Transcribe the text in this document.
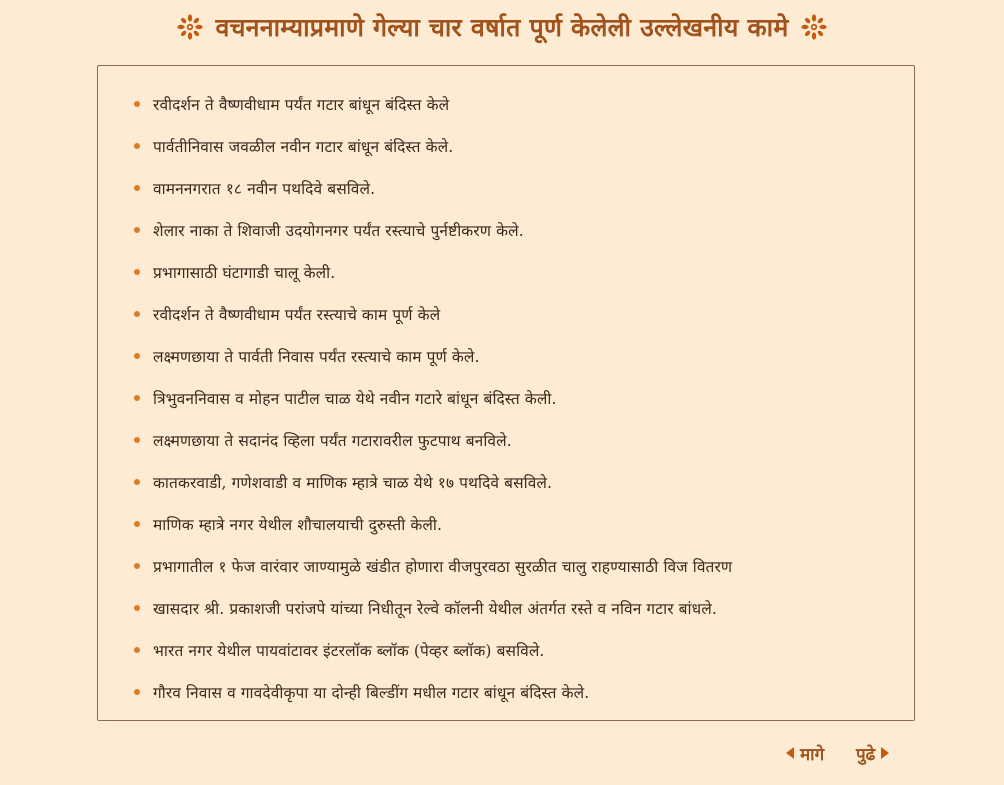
वचननाम्याप्रमाणे गेल्या चार वर्षात पूर्ण केलेली उल्लेखनीय कामे
रवीदर्शन ते वैष्णवीधाम पर्यंत गटार बांधून बंदिस्त केले
पार्वतीनिवास जवळील नवीन गटार बांधून बंदिस्त केले.
वामननगरात १८ नवीन पथदिवे बसविले.
शेलार नाका ते शिवाजी उदयोगनगर पर्यंत रस्त्याचे पुर्नष्टीकरण केले.
प्रभागासाठी घंटागाडी चालू केली.
रवीदर्शन ते वैष्णवीधाम पर्यंत रस्त्याचे काम पूर्ण केले
लक्ष्मणछाया ते पार्वती निवास पर्यंत रस्त्याचे काम पूर्ण केले.
त्रिभुवननिवास व मोहन पाटील चाळ येथे नवीन गटारे बांधून बंदिस्त केली.
लक्ष्मणछाया ते सदानंद व्हिला पर्यंत गटारावरील फुटपाथ बनविले.
कातकरवाडी, गणेशवाडी व माणिक म्हात्रे चाळ येथे १७ पथदिवे बसविले.
माणिक म्हात्रे नगर येथील शौचालयाची दुरुस्ती केली.
प्रभागातील १ फेज वारंवार जाण्यामुळे खंडीत होणारा वीजपुरवठा सुरळीत चालु राहण्यासाठी विज वितरण
खासदार श्री. प्रकाशजी परांजपे यांच्या निधीतून रेल्वे कॉलनी येथील अंतर्गत रस्ते व नविन गटार बांधले.
भारत नगर येथील पायवांटावर इंटरलॉक ब्लॉक (पेव्हर ब्लॉक) बसविले.
गौरव निवास व गावदेवीकृपा या दोन्ही बिल्डींग मधील गटार बांधून बंदिस्त केले.
मागे पुढे
